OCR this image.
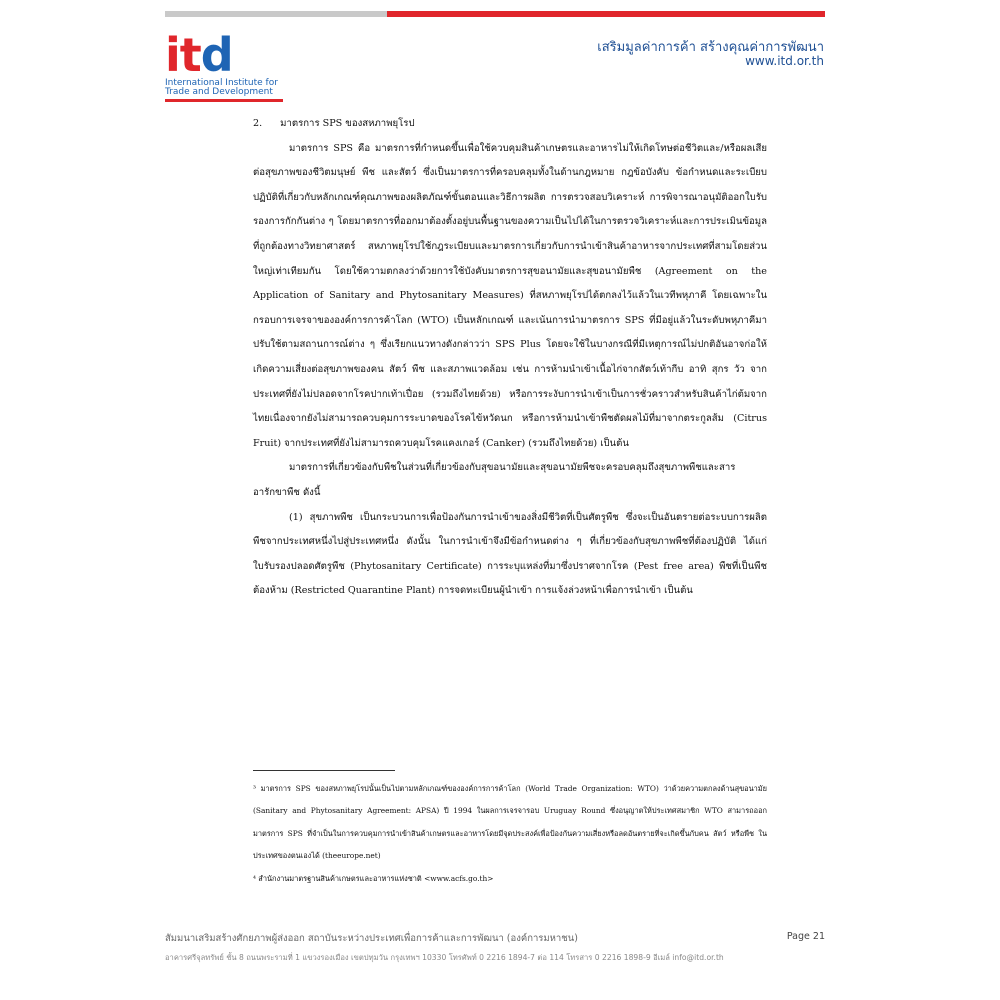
itd
International Institute for
Trade and Development
เสริมมูลค่าการค้า สร้างคุณค่าการพัฒนา
www.itd.or.th

2. มาตรการ SPS ของสหภาพยุโรป

มาตรการ SPS คือ มาตรการที่กำหนดขึ้นเพื่อใช้ควบคุมสินค้าเกษตรและอาหารไม่ให้เกิดโทษต่อชีวิตและ/หรือผลเสียต่อสุขภาพของชีวิตมนุษย์ พืช และสัตว์ ซึ่งเป็นมาตรการที่ครอบคลุมทั้งในด้านกฎหมาย กฎข้อบังคับ ข้อกำหนดและระเบียบปฏิบัติที่เกี่ยวกับหลักเกณฑ์คุณภาพของผลิตภัณฑ์ขั้นตอนและวิธีการผลิต การตรวจสอบวิเคราะห์ การพิจารณาอนุมัติออกใบรับรองการกักกันต่าง ๆ โดยมาตรการที่ออกมาต้องตั้งอยู่บนพื้นฐานของความเป็นไปได้ในการตรวจวิเคราะห์และการประเมินข้อมูลที่ถูกต้องทางวิทยาศาสตร์ สหภาพยุโรปใช้กฎระเบียบและมาตรการเกี่ยวกับการนำเข้าสินค้าอาหารจากประเทศที่สามโดยส่วนใหญ่เท่าเทียมกัน โดยใช้ความตกลงว่าด้วยการใช้บังคับมาตรการสุขอนามัยและสุขอนามัยพืช (Agreement on the Application of Sanitary and Phytosanitary Measures) ที่สหภาพยุโรปได้ตกลงไว้แล้วในเวทีพหุภาคี โดยเฉพาะในกรอบการเจรจาขององค์การการค้าโลก (WTO) เป็นหลักเกณฑ์ และเน้นการนำมาตรการ SPS ที่มีอยู่แล้วในระดับพหุภาคีมาปรับใช้ตามสถานการณ์ต่าง ๆ ซึ่งเรียกแนวทางดังกล่าวว่า SPS Plus โดยจะใช้ในบางกรณีที่มีเหตุการณ์ไม่ปกติอันอาจก่อให้เกิดความเสี่ยงต่อสุขภาพของคน สัตว์ พืช และสภาพแวดล้อม เช่น การห้ามนำเข้าเนื้อไก่จากสัตว์เท้ากีบ อาทิ สุกร วัว จากประเทศที่ยังไม่ปลอดจากโรคปากเท้าเปื่อย (รวมถึงไทยด้วย) หรือการระงับการนำเข้าเป็นการชั่วคราวสำหรับสินค้าไก่ต้มจากไทยเนื่องจากยังไม่สามารถควบคุมการระบาดของโรคไข้หวัดนก หรือการห้ามนำเข้าพืชตัดผลไม้ที่มาจากตระกูลส้ม (Citrus Fruit) จากประเทศที่ยังไม่สามารถควบคุมโรคแคงเกอร์ (Canker) (รวมถึงไทยด้วย) เป็นต้น

มาตรการที่เกี่ยวข้องกับพืชในส่วนที่เกี่ยวข้องกับสุขอนามัยและสุขอนามัยพืชจะครอบคลุมถึงสุขภาพพืชและสารอารักขาพืช ดังนี้

(1) สุขภาพพืช เป็นกระบวนการเพื่อป้องกันการนำเข้าของสิ่งมีชีวิตที่เป็นศัตรูพืช ซึ่งจะเป็นอันตรายต่อระบบการผลิตพืชจากประเทศหนึ่งไปสู่ประเทศหนึ่ง ดังนั้น ในการนำเข้าจึงมีข้อกำหนดต่าง ๆ ที่เกี่ยวข้องกับสุขภาพพืชที่ต้องปฏิบัติ ได้แก่ ใบรับรองปลอดศัตรูพืช (Phytosanitary Certificate) การระบุแหล่งที่มาซึ่งปราศจากโรค (Pest free area) พืชที่เป็นพืชต้องห้าม (Restricted Quarantine Plant) การจดทะเบียนผู้นำเข้า การแจ้งล่วงหน้าเพื่อการนำเข้า เป็นต้น

³ มาตรการ SPS ของสหภาพยุโรปนั้นเป็นไปตามหลักเกณฑ์ขององค์การการค้าโลก (World Trade Organization: WTO) ว่าด้วยความตกลงด้านสุขอนามัย (Sanitary and Phytosanitary Agreement: APSA) ปี 1994 ในผลการเจรจารอบ Uruguay Round ซึ่งอนุญาตให้ประเทศสมาชิก WTO สามารถออกมาตรการ SPS ที่จำเป็นในการควบคุมการนำเข้าสินค้าเกษตรและอาหารโดยมีจุดประสงค์เพื่อป้องกันความเสี่ยงหรือลดอันตรายที่จะเกิดขึ้นกับคน สัตว์ หรือพืช ในประเทศของตนเองได้ (theeurope.net)

⁴ สำนักงานมาตรฐานสินค้าเกษตรและอาหารแห่งชาติ <www.acfs.go.th>

สัมมนาเสริมสร้างศักยภาพผู้ส่งออก สถาบันระหว่างประเทศเพื่อการค้าและการพัฒนา (องค์การมหาชน)	Page 21
อาคารศรีจุลทรัพย์ ชั้น 8 ถนนพระรามที่ 1 แขวงรองเมือง เขตปทุมวัน กรุงเทพฯ 10330 โทรศัพท์ 0 2216 1894-7 ต่อ 114 โทรสาร 0 2216 1898-9 อีเมล์ info@itd.or.th
